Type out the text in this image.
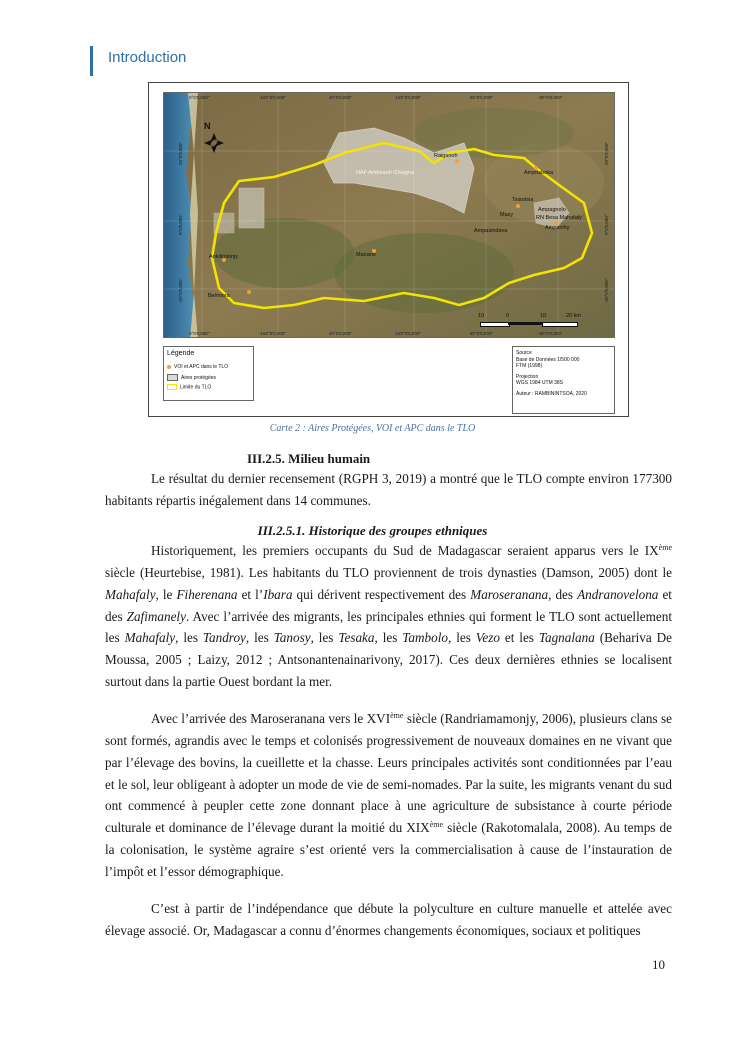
Introduction
0°0'0,000"	-160°0'0,000"	40°0'0,000"	-120°0'0,000"	80°0'0,000"	-80°0'0,000"
0°0'0,000"	-160°0'0,000"	40°0'0,000"	-120°0'0,000"	80°0'0,000"	-80°0'0,000"
20°0'0,000"
0°0'0,000"
-20°0'0,000"
20°0'0,000"
0°0'0,000"
-20°0'0,000"
N
Raiganoh
Ampitaboka
NAF Amboanh Ghiagna
Tsiaotsia
Masy
Ampagnolo
RN Besa Mahafaly
Ampanihy
Ampasindava
Ankilimionjy	Manario
Belmiora
10	0	10	20 km
Légende
VOI et APC dans le TLO
Aires protégées
Limite du TLO
Source
Base de Données 1/500 000
FTM (1998)
Projection
WGS 1984 UTM 38S
Auteur : RAMBININTSOA, 2020
Carte 2 : Aires Protégées, VOI et APC dans le TLO
III.2.5. Milieu humain
Le résultat du dernier recensement (RGPH 3, 2019) a montré que le TLO compte environ 177300 habitants répartis inégalement dans 14 communes.
III.2.5.1. Historique des groupes ethniques
Historiquement, les premiers occupants du Sud de Madagascar seraient apparus vers le IXème siècle (Heurtebise, 1981). Les habitants du TLO proviennent de trois dynasties (Damson, 2005) dont le Mahafaly, le Fiherenana et l’Ibara qui dérivent respectivement des Maroseranana, des Andranovelona et des Zafimanely. Avec l’arrivée des migrants, les principales ethnies qui forment le TLO sont actuellement les Mahafaly, les Tandroy, les Tanosy, les Tesaka, les Tambolo, les Vezo et les Tagnalana (Behariva De Moussa, 2005 ; Laizy, 2012 ; Antsonantenainarivony, 2017). Ces deux dernières ethnies se localisent surtout dans la partie Ouest bordant la mer.
Avec l’arrivée des Maroseranana vers le XVIème siècle (Randriamamonjy, 2006), plusieurs clans se sont formés, agrandis avec le temps et colonisés progressivement de nouveaux domaines en ne vivant que par l’élevage des bovins, la cueillette et la chasse. Leurs principales activités sont conditionnées par l’eau et le sol, leur obligeant à adopter un mode de vie de semi-nomades. Par la suite, les migrants venant du sud ont commencé à peupler cette zone donnant place à une agriculture de subsistance à courte période culturale et dominance de l’élevage durant la moitié du XIXème siècle (Rakotomalala, 2008). Au temps de la colonisation, le système agraire s’est orienté vers la commercialisation à cause de l’instauration de l’impôt et l’essor démographique.
C’est à partir de l’indépendance que débute la polyculture en culture manuelle et attelée avec élevage associé. Or, Madagascar a connu d’énormes changements économiques, sociaux et politiques
10
